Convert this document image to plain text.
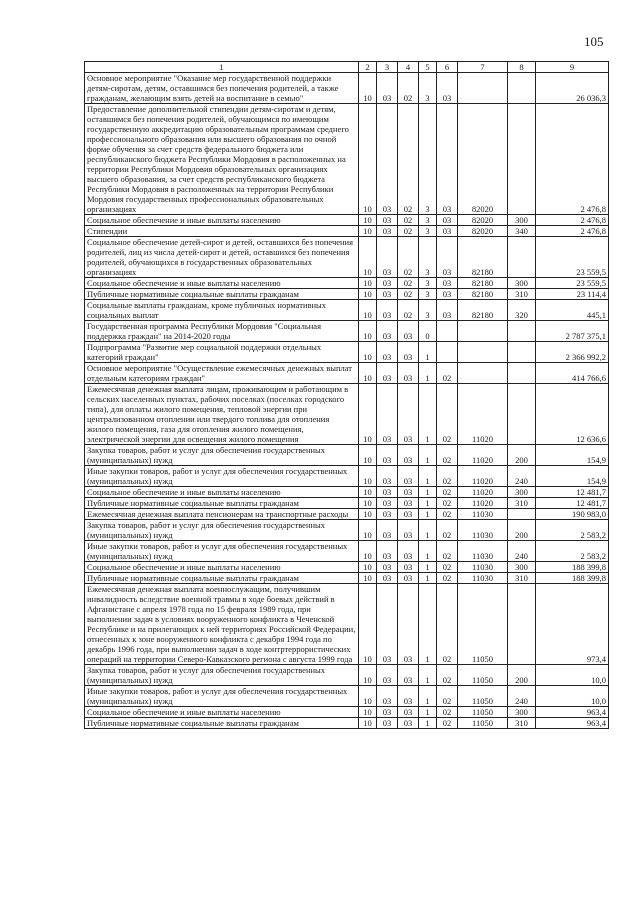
105
1	2	3	4	5	6	7	8	9
Основное мероприятие "Оказание мер государственной поддержки детям-сиротам, детям, оставшимся без попечения родителей, а также гражданам, желающим взять детей на воспитание в семью"	10	03	02	3	03			26 036,3
Предоставление дополнительной стипендии детям-сиротам и детям, оставшимся без попечения родителей, обучающимся по имеющим государственную аккредитацию образовательным программам среднего профессионального образования или высшего образования по очной форме обучения за счет средств федерального бюджета или республиканского бюджета Республики Мордовия в расположенных на территории Республики Мордовия образовательных организациях высшего образования, за счет средств республиканского бюджета Республики Мордовия в расположенных на территории Республики Мордовия государственных профессиональных образовательных организациях	10	03	02	3	03	82020		2 476,8
Социальное обеспечение и иные выплаты населению	10	03	02	3	03	82020	300	2 476,8
Стипендии	10	03	02	3	03	82020	340	2 476,8
Социальное обеспечение детей-сирот и детей, оставшихся без попечения родителей, лиц из числа детей-сирот и детей, оставшихся без попечения родителей, обучающихся в государственных образовательных организациях	10	03	02	3	03	82180		23 559,5
Социальное обеспечение и иные выплаты населению	10	03	02	3	03	82180	300	23 559,5
Публичные нормативные социальные выплаты гражданам	10	03	02	3	03	82180	310	23 114,4
Социальные выплаты гражданам, кроме публичных нормативных социальных выплат	10	03	02	3	03	82180	320	445,1
Государственная программа Республики Мордовия "Социальная поддержка граждан" на 2014-2020 годы	10	03	03	0				2 787 375,1
Подпрограмма "Развитие мер социальной поддержки отдельных категорий граждан"	10	03	03	1				2 366 992,2
Основное мероприятие "Осуществление ежемесячных денежных выплат отдельным категориям граждан"	10	03	03	1	02			414 766,6
Ежемесячная денежная выплата лицам, проживающим и работающим в сельских населенных пунктах, рабочих поселках (поселках городского типа), для оплаты жилого помещения, тепловой энергии при централизованном отоплении или твердого топлива для отопления жилого помещения, газа для отопления жилого помещения, электрической энергии для освещения жилого помещения	10	03	03	1	02	11020		12 636,6
Закупка товаров, работ и услуг для обеспечения государственных (муниципальных) нужд	10	03	03	1	02	11020	200	154,9
Иные закупки товаров, работ и услуг для обеспечения государственных (муниципальных) нужд	10	03	03	1	02	11020	240	154,9
Социальное обеспечение и иные выплаты населению	10	03	03	1	02	11020	300	12 481,7
Публичные нормативные социальные выплаты гражданам	10	03	03	1	02	11020	310	12 481,7
Ежемесячная денежная выплата пенсионерам на транспортные расходы	10	03	03	1	02	11030		190 983,0
Закупка товаров, работ и услуг для обеспечения государственных (муниципальных) нужд	10	03	03	1	02	11030	200	2 583,2
Иные закупки товаров, работ и услуг для обеспечения государственных (муниципальных) нужд	10	03	03	1	02	11030	240	2 583,2
Социальное обеспечение и иные выплаты населению	10	03	03	1	02	11030	300	188 399,8
Публичные нормативные социальные выплаты гражданам	10	03	03	1	02	11030	310	188 399,8
Ежемесячная денежная выплата военнослужащим, получившим инвалидность вследствие военной травмы в ходе боевых действий в Афганистане с апреля 1978 года по 15 февраля 1989 года, при выполнении задач в условиях вооруженного конфликта в Чеченской Республике и на прилегающих к ней территориях Российской Федерации, отнесенных к зоне вооруженного конфликта с декабря 1994 года по декабрь 1996 года, при выполнении задач в ходе контртеррористических операций на территории Северо-Кавказского региона с августа 1999 года	10	03	03	1	02	11050		973,4
Закупка товаров, работ и услуг для обеспечения государственных (муниципальных) нужд	10	03	03	1	02	11050	200	10,0
Иные закупки товаров, работ и услуг для обеспечения государственных (муниципальных) нужд	10	03	03	1	02	11050	240	10,0
Социальное обеспечение и иные выплаты населению	10	03	03	1	02	11050	300	963,4
Публичные нормативные социальные выплаты гражданам	10	03	03	1	02	11050	310	963,4
